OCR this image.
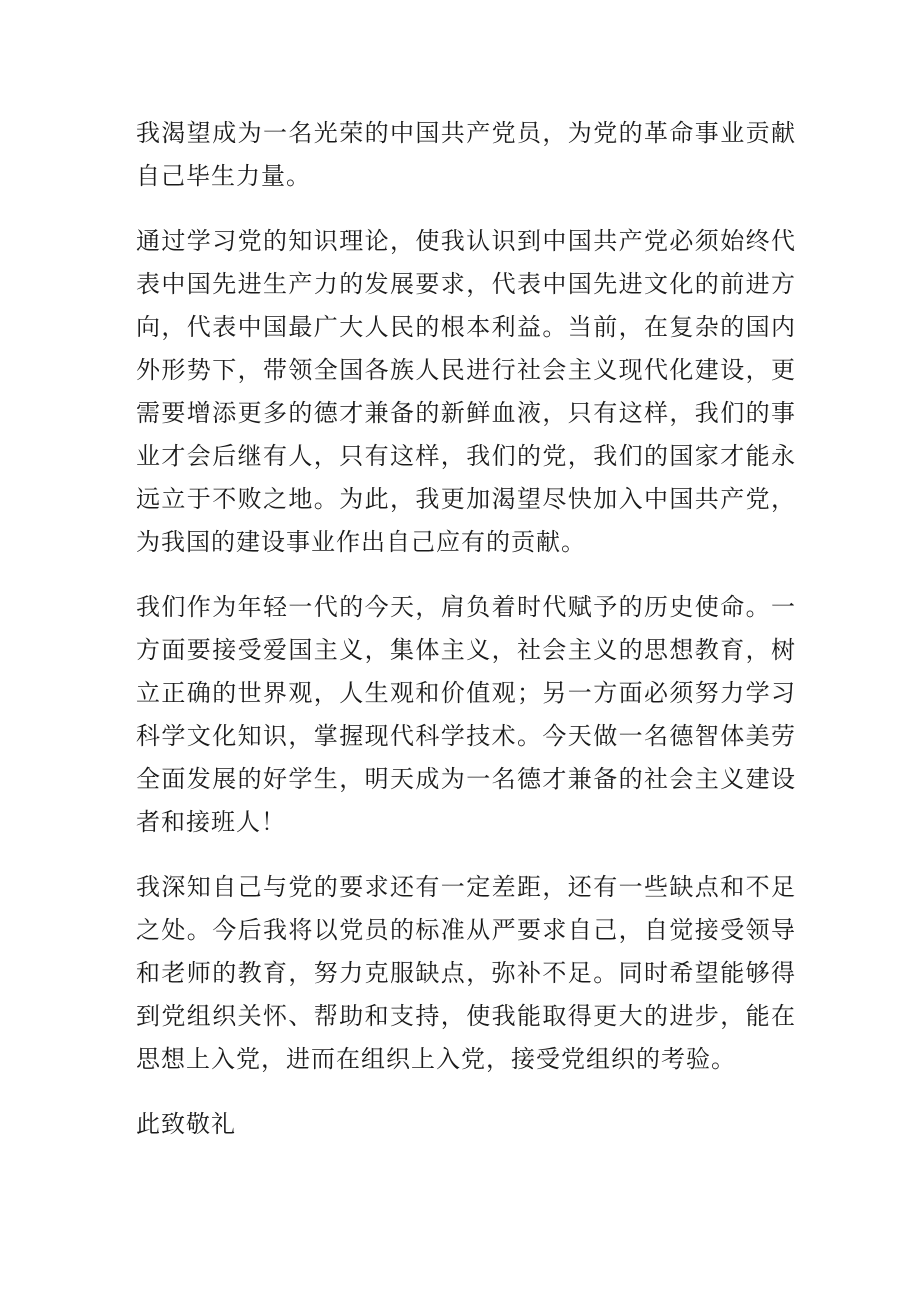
我渴望成为一名光荣的中国共产党员，为党的革命事业贡献自己毕生力量。

通过学习党的知识理论，使我认识到中国共产党必须始终代表中国先进生产力的发展要求，代表中国先进文化的前进方向，代表中国最广大人民的根本利益。当前，在复杂的国内外形势下，带领全国各族人民进行社会主义现代化建设，更需要增添更多的德才兼备的新鲜血液，只有这样，我们的事业才会后继有人，只有这样，我们的党，我们的国家才能永远立于不败之地。为此，我更加渴望尽快加入中国共产党，为我国的建设事业作出自己应有的贡献。

我们作为年轻一代的今天，肩负着时代赋予的历史使命。一方面要接受爱国主义，集体主义，社会主义的思想教育，树立正确的世界观，人生观和价值观；另一方面必须努力学习科学文化知识，掌握现代科学技术。今天做一名德智体美劳全面发展的好学生，明天成为一名德才兼备的社会主义建设者和接班人！

我深知自己与党的要求还有一定差距，还有一些缺点和不足之处。今后我将以党员的标准从严要求自己，自觉接受领导和老师的教育，努力克服缺点，弥补不足。同时希望能够得到党组织关怀、帮助和支持，使我能取得更大的进步，能在思想上入党，进而在组织上入党，接受党组织的考验。

此致敬礼
